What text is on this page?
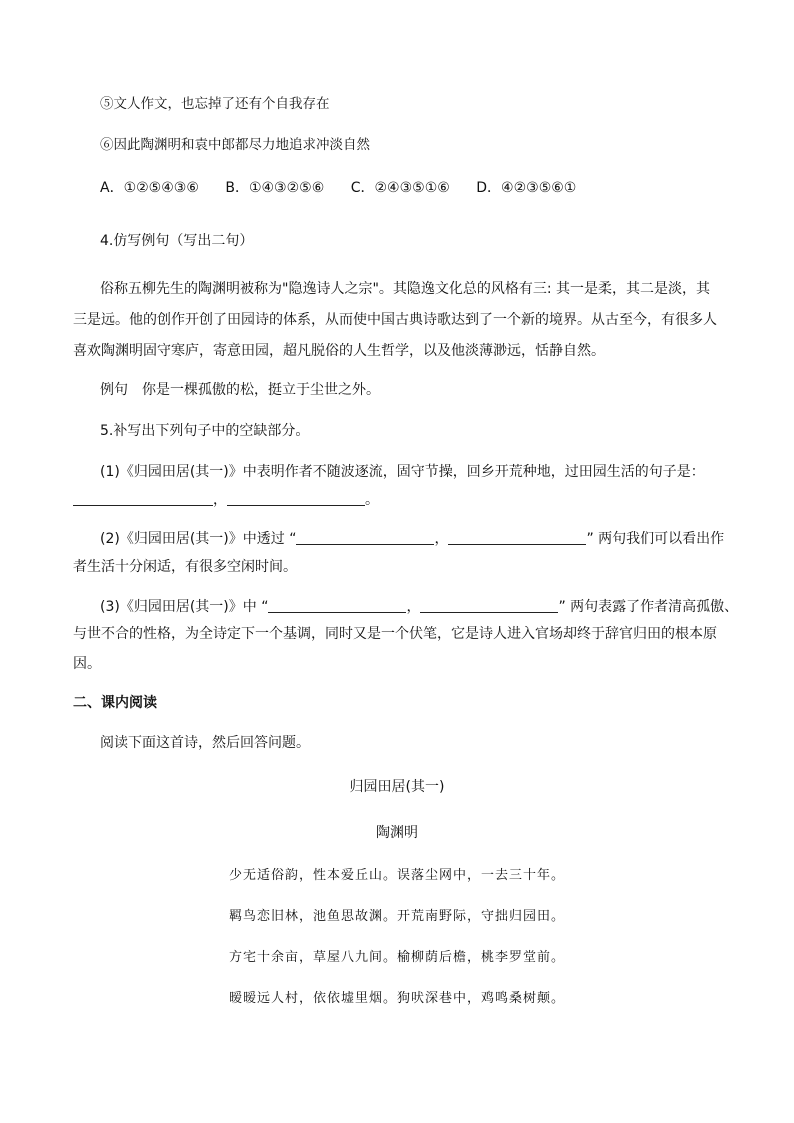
⑤文人作文，也忘掉了还有个自我存在
⑥因此陶渊明和袁中郎都尽力地追求冲淡自然
A．①②⑤④③⑥ B．①④③②⑤⑥ C．②④③⑤①⑥ D．④②③⑤⑥①
4.仿写例句（写出二句）
俗称五柳先生的陶渊明被称为"隐逸诗人之宗"。其隐逸文化总的风格有三: 其一是柔，其二是淡，其三是远。他的创作开创了田园诗的体系，从而使中国古典诗歌达到了一个新的境界。从古至今，有很多人喜欢陶渊明固守寒庐，寄意田园，超凡脱俗的人生哲学，以及他淡薄渺远，恬静自然。
例句　你是一棵孤傲的松，挺立于尘世之外。
5.补写出下列句子中的空缺部分。
(1)《归园田居(其一)》中表明作者不随波逐流，固守节操，回乡开荒种地，过田园生活的句子是：
，	。
(2)《归园田居(其一)》中透过 “	，	” 两句我们可以看出作
者生活十分闲适，有很多空闲时间。
(3)《归园田居(其一)》中 “	，	” 两句表露了作者清高孤傲、
与世不合的性格，为全诗定下一个基调，同时又是一个伏笔，它是诗人进入官场却终于辞官归田的根本原因。
二、课内阅读
阅读下面这首诗，然后回答问题。
归园田居(其一)
陶渊明
少无适俗韵，性本爱丘山。误落尘网中，一去三十年。
羁鸟恋旧林，池鱼思故渊。开荒南野际，守拙归园田。
方宅十余亩，草屋八九间。榆柳荫后檐，桃李罗堂前。
暧暧远人村，依依墟里烟。狗吠深巷中，鸡鸣桑树颠。
